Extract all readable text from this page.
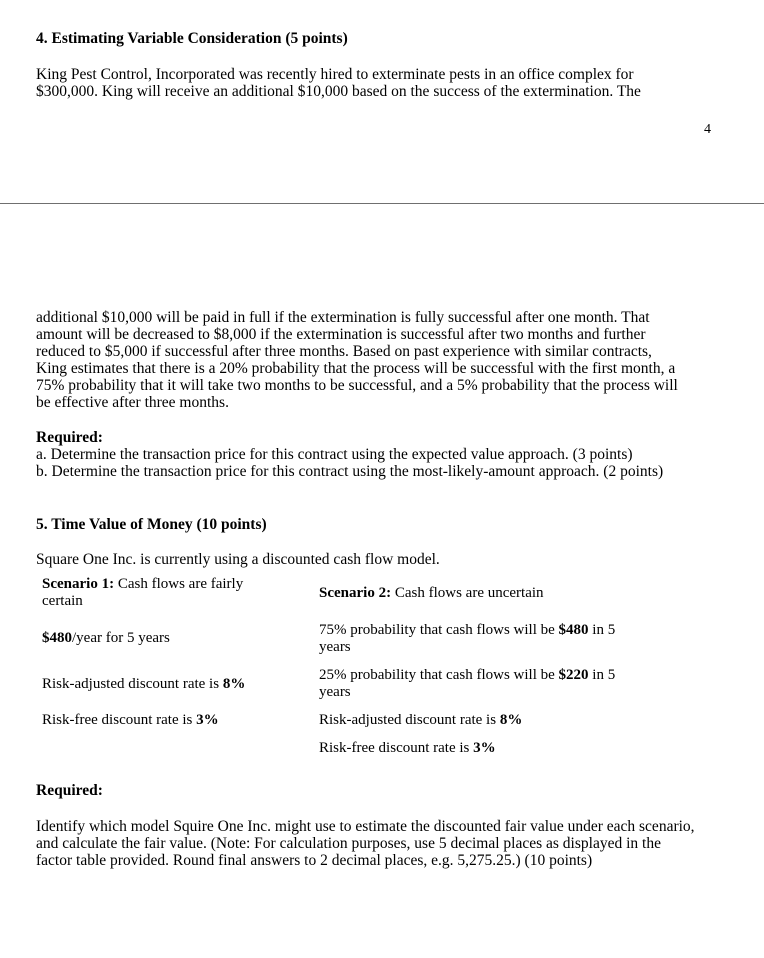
4. Estimating Variable Consideration (5 points)
King Pest Control, Incorporated was recently hired to exterminate pests in an office complex for
$300,000. King will receive an additional $10,000 based on the success of the extermination. The
4
additional $10,000 will be paid in full if the extermination is fully successful after one month. That
amount will be decreased to $8,000 if the extermination is successful after two months and further
reduced to $5,000 if successful after three months. Based on past experience with similar contracts,
King estimates that there is a 20% probability that the process will be successful with the first month, a
75% probability that it will take two months to be successful, and a 5% probability that the process will
be effective after three months.
Required:
a. Determine the transaction price for this contract using the expected value approach. (3 points)
b. Determine the transaction price for this contract using the most-likely-amount approach. (2 points)
5. Time Value of Money (10 points)
Square One Inc. is currently using a discounted cash flow model.
Scenario 1: Cash flows are fairly
certain
$480/year for 5 years
Risk-adjusted discount rate is 8%
Risk-free discount rate is 3%
Scenario 2: Cash flows are uncertain
75% probability that cash flows will be $480 in 5
years
25% probability that cash flows will be $220 in 5
years
Risk-adjusted discount rate is 8%
Risk-free discount rate is 3%
Required:
Identify which model Squire One Inc. might use to estimate the discounted fair value under each scenario,
and calculate the fair value. (Note: For calculation purposes, use 5 decimal places as displayed in the
factor table provided. Round final answers to 2 decimal places, e.g. 5,275.25.) (10 points)
